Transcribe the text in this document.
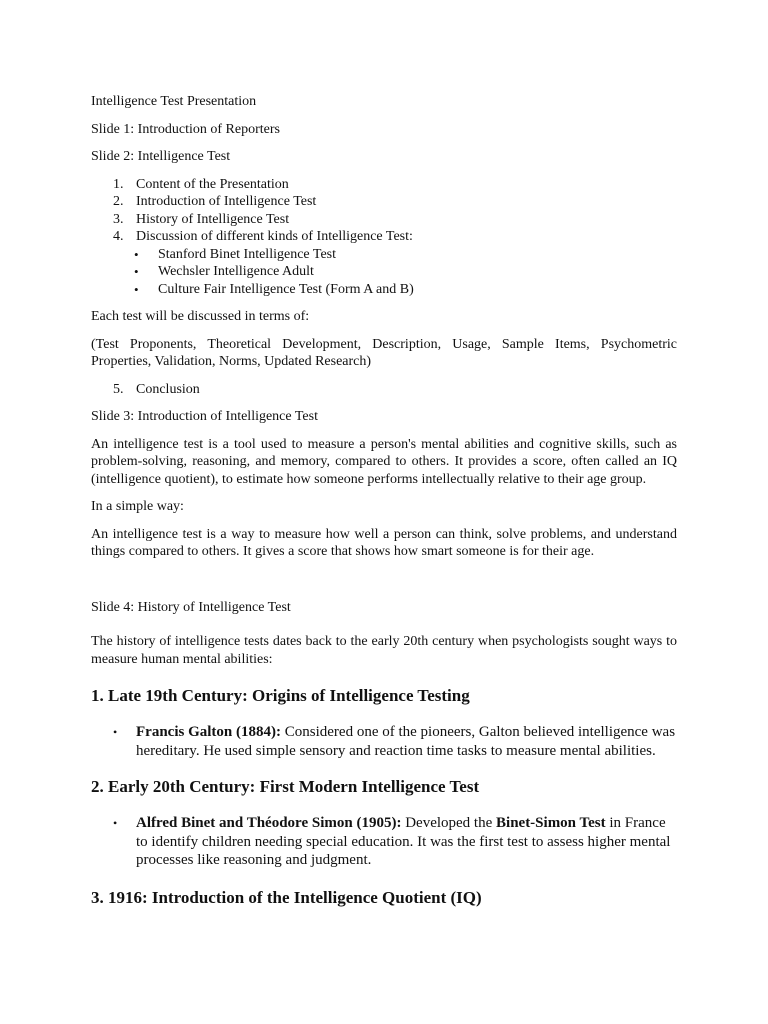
Intelligence Test Presentation

Slide 1: Introduction of Reporters

Slide 2: Intelligence Test

1. Content of the Presentation
2. Introduction of Intelligence Test
3. History of Intelligence Test
4. Discussion of different kinds of Intelligence Test:
• Stanford Binet Intelligence Test
• Wechsler Intelligence Adult
• Culture Fair Intelligence Test (Form A and B)

Each test will be discussed in terms of:

(Test Proponents, Theoretical Development, Description, Usage, Sample Items, Psychometric Properties, Validation, Norms, Updated Research)

5. Conclusion

Slide 3: Introduction of Intelligence Test

An intelligence test is a tool used to measure a person's mental abilities and cognitive skills, such as problem-solving, reasoning, and memory, compared to others. It provides a score, often called an IQ (intelligence quotient), to estimate how someone performs intellectually relative to their age group.

In a simple way:

An intelligence test is a way to measure how well a person can think, solve problems, and understand things compared to others. It gives a score that shows how smart someone is for their age.

Slide 4: History of Intelligence Test

The history of intelligence tests dates back to the early 20th century when psychologists sought ways to measure human mental abilities:

1. Late 19th Century: Origins of Intelligence Testing
• Francis Galton (1884): Considered one of the pioneers, Galton believed intelligence was hereditary. He used simple sensory and reaction time tasks to measure mental abilities.
2. Early 20th Century: First Modern Intelligence Test
• Alfred Binet and Théodore Simon (1905): Developed the Binet-Simon Test in France to identify children needing special education. It was the first test to assess higher mental processes like reasoning and judgment.
3. 1916: Introduction of the Intelligence Quotient (IQ)
